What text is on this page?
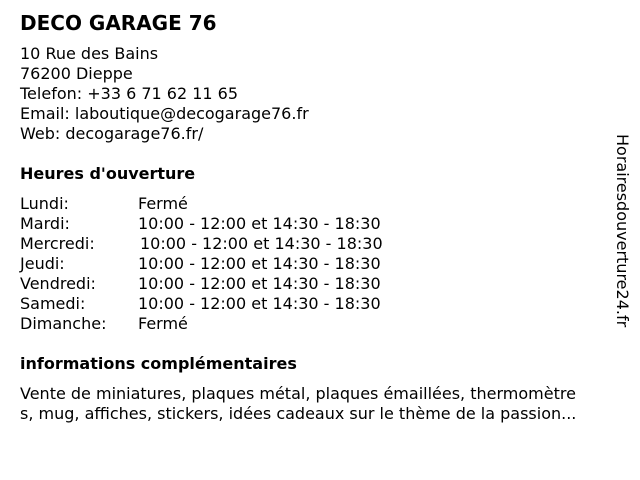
DECO GARAGE 76
10 Rue des Bains
76200 Dieppe
Telefon: +33 6 71 62 11 65
Email: laboutique@decogarage76.fr
Web: decogarage76.fr/
Heures d'ouverture
Lundi:	Fermé
Mardi:	10:00 - 12:00 et 14:30 - 18:30
Mercredi:	10:00 - 12:00 et 14:30 - 18:30
Jeudi:	10:00 - 12:00 et 14:30 - 18:30
Vendredi:	10:00 - 12:00 et 14:30 - 18:30
Samedi:	10:00 - 12:00 et 14:30 - 18:30
Dimanche: Fermé
informations complémentaires
Vente de miniatures, plaques métal, plaques émaillées, thermomètre
s, mug, affiches, stickers, idées cadeaux sur le thème de la passion...
Horairesdouverture24.fr
